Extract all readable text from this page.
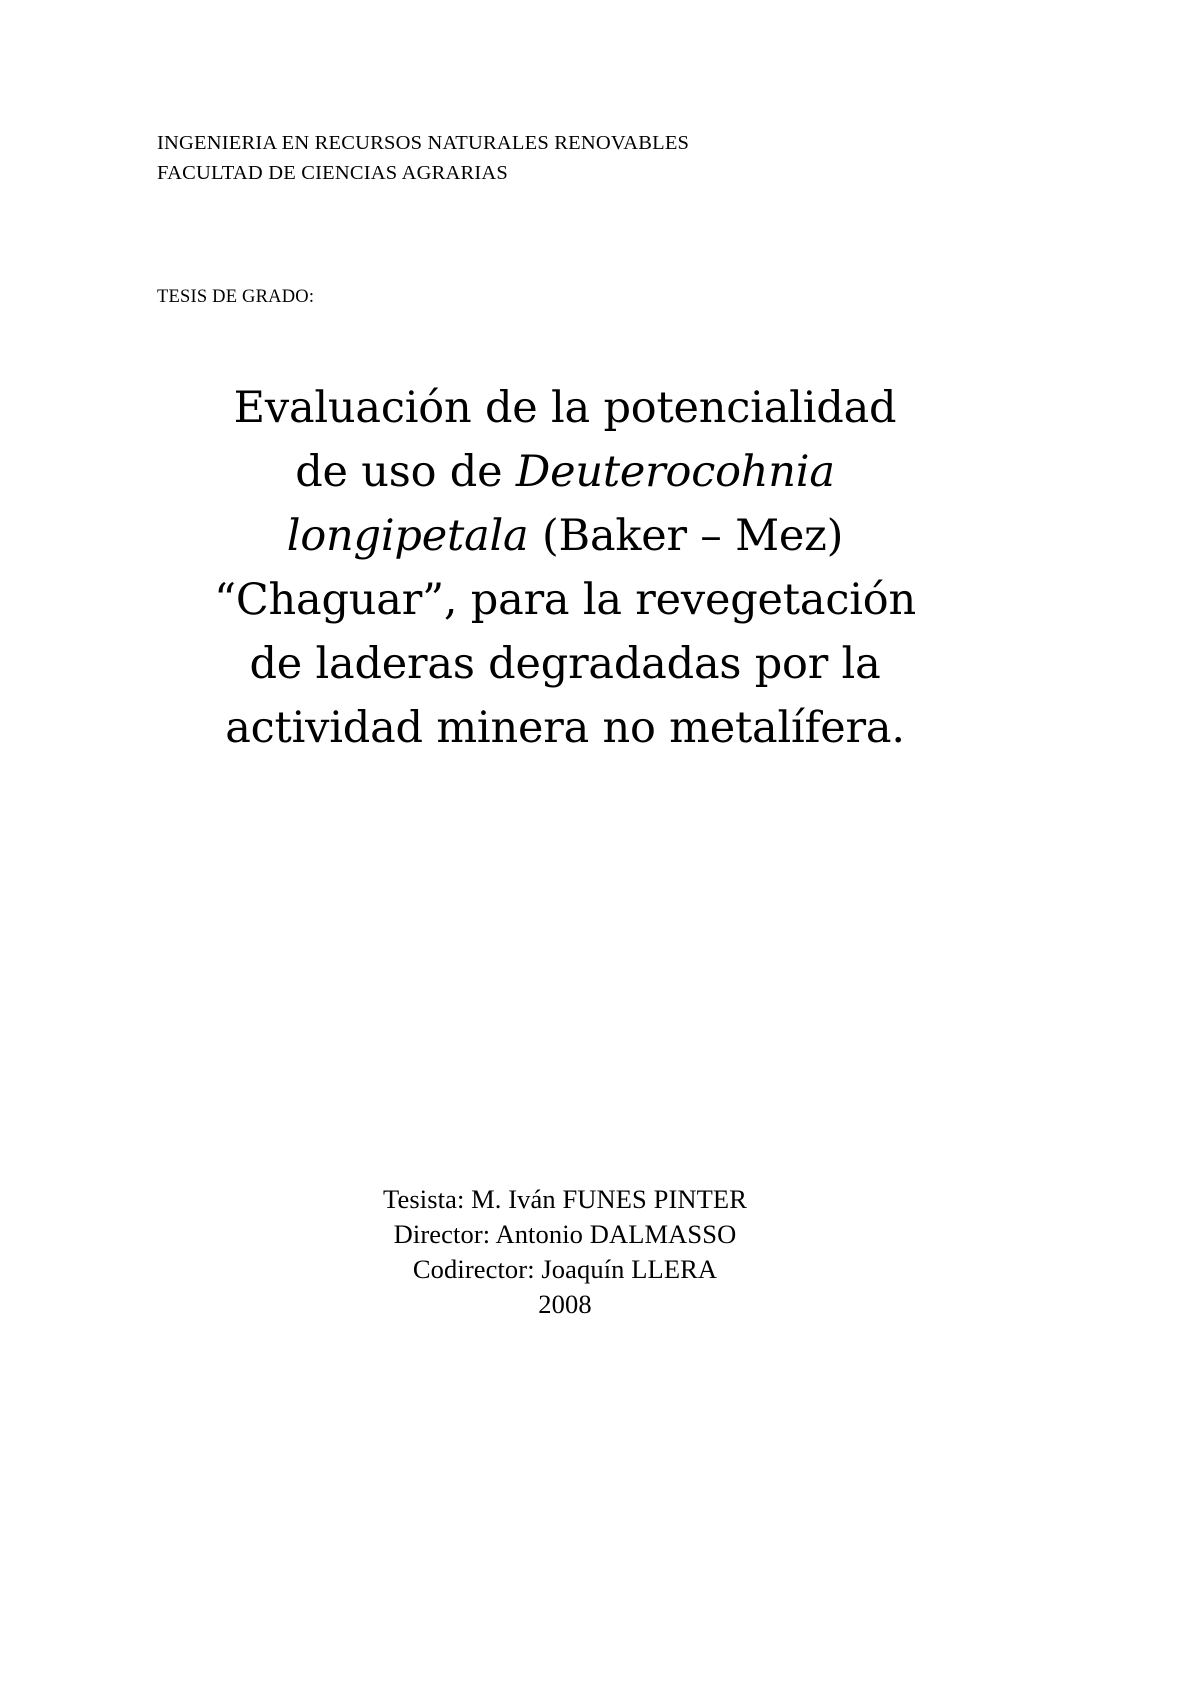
INGENIERIA EN RECURSOS NATURALES RENOVABLES
FACULTAD DE CIENCIAS AGRARIAS
TESIS DE GRADO:
Evaluación de la potencialidad
de uso de Deuterocohnia
longipetala (Baker – Mez)
“Chaguar”, para la revegetación
de laderas degradadas por la
actividad minera no metalífera.
Tesista: M. Iván FUNES PINTER
Director: Antonio DALMASSO
Codirector: Joaquín LLERA
2008
